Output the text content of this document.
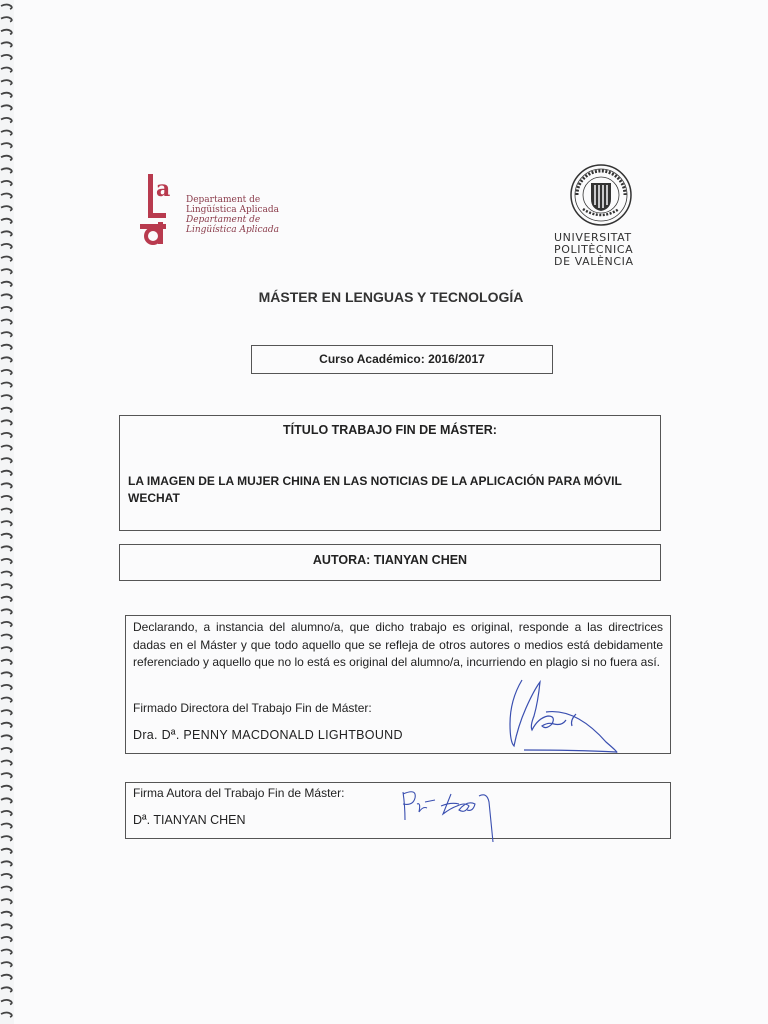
a Departament de
Lingüística Aplicada
Departament de
Lingüística Aplicada
UNIVERSITAT
POLITÈCNICA
DE VALÈNCIA
MÁSTER EN LENGUAS Y TECNOLOGÍA
Curso Académico: 2016/2017
TÍTULO TRABAJO FIN DE MÁSTER:
LA IMAGEN DE LA MUJER CHINA EN LAS NOTICIAS DE LA APLICACIÓN PARA MÓVIL WECHAT
AUTORA: TIANYAN CHEN
Declarando, a instancia del alumno/a, que dicho trabajo es original, responde a las directrices dadas en el Máster y que todo aquello que se refleja de otros autores o medios está debidamente referenciado y aquello que no lo está es original del alumno/a, incurriendo en plagio si no fuera así.
Firmado Directora del Trabajo Fin de Máster:
Dra. Dª. PENNY MACDONALD LIGHTBOUND
Firma Autora del Trabajo Fin de Máster:
Dª. TIANYAN CHEN
